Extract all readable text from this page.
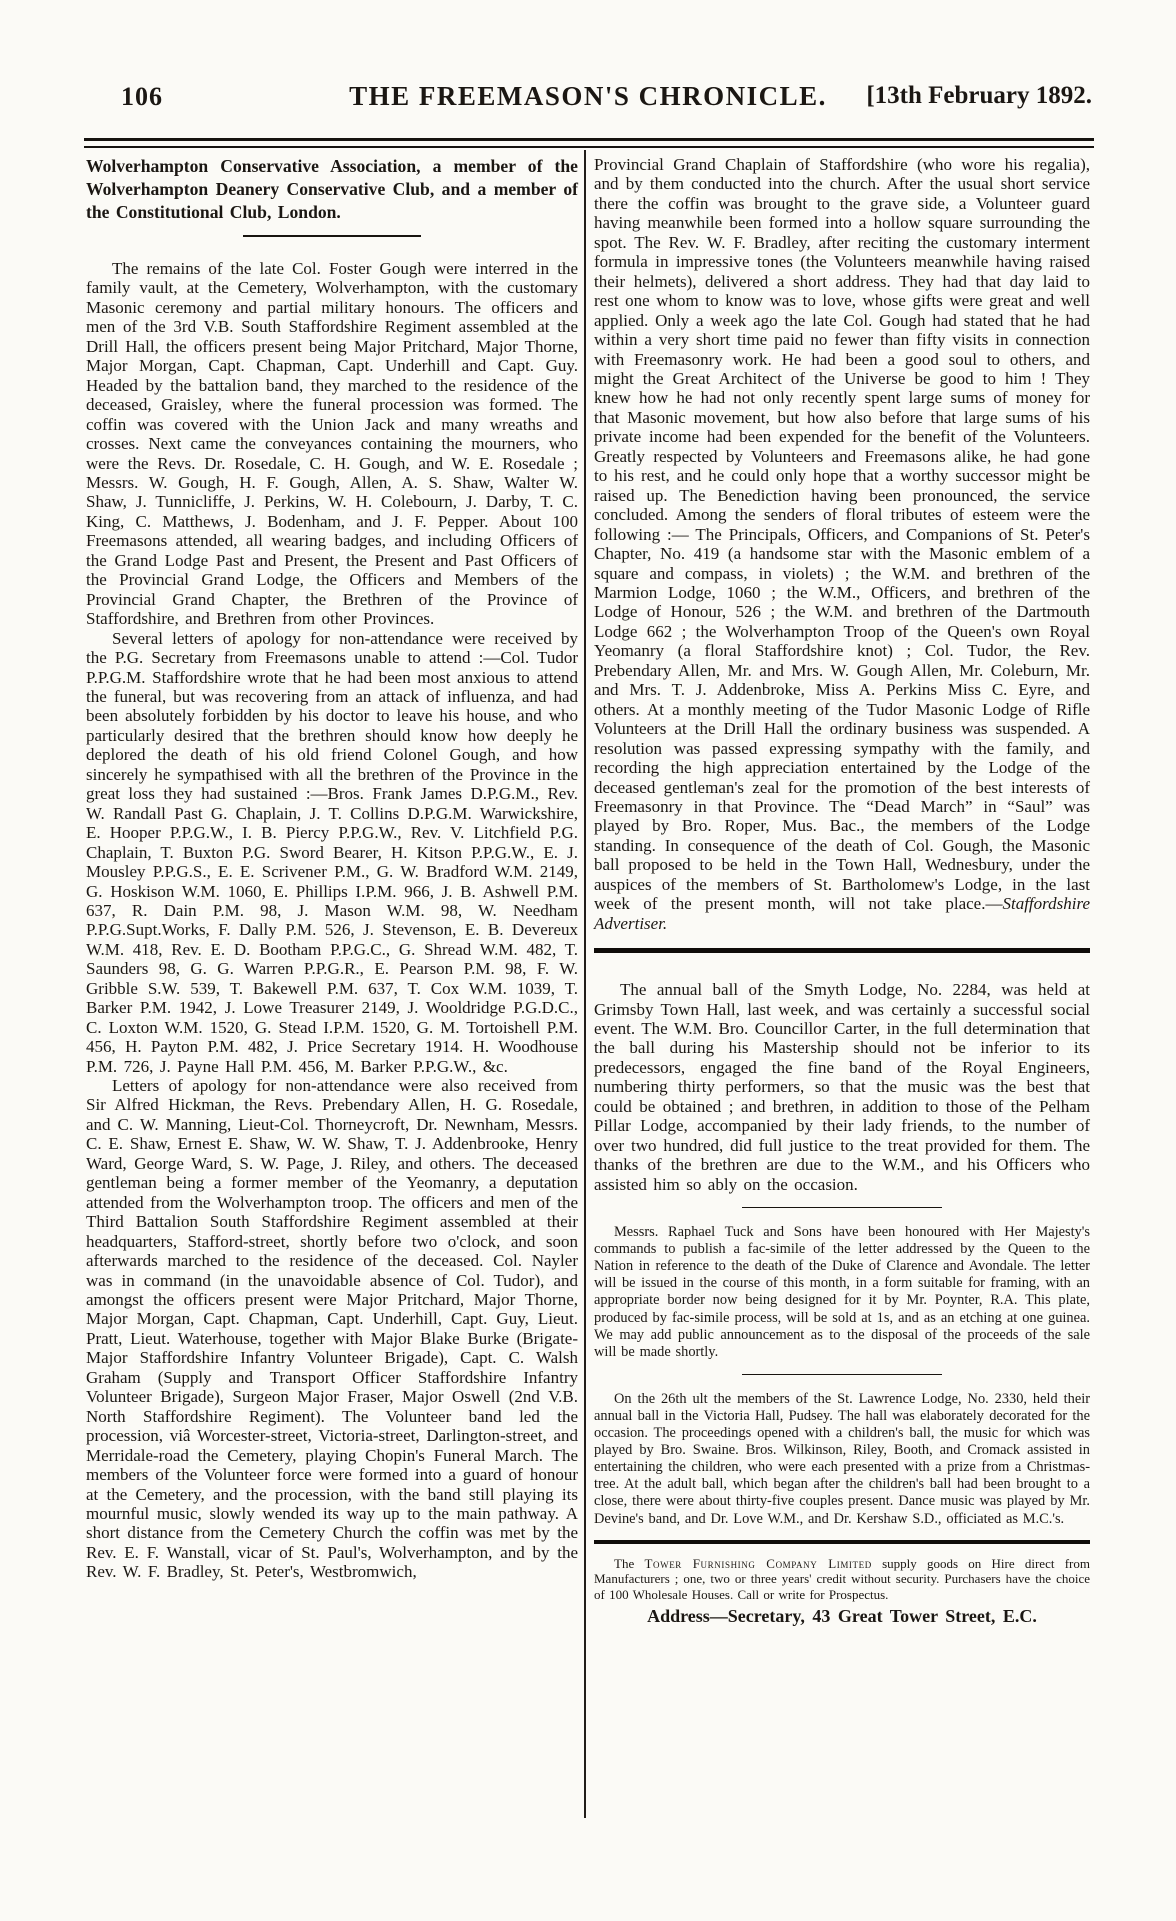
106	THE FREEMASON'S CHRONICLE. [13th February 1892.

Wolverhampton Conservative Association, a member of the Wolverhampton Deanery Conservative Club, and a member of the Constitutional Club, London.

The remains of the late Col. Foster Gough were interred in the family vault, at the Cemetery, Wolverhampton, with the customary Masonic ceremony and partial military honours. The officers and men of the 3rd V.B. South Staffordshire Regiment assembled at the Drill Hall, the officers present being Major Pritchard, Major Thorne, Major Morgan, Capt. Chapman, Capt. Underhill and Capt. Guy. Headed by the battalion band, they marched to the residence of the deceased, Graisley, where the funeral procession was formed. The coffin was covered with the Union Jack and many wreaths and crosses. Next came the conveyances containing the mourners, who were the Revs. Dr. Rosedale, C. H. Gough, and W. E. Rosedale ; Messrs. W. Gough, H. F. Gough, Allen, A. S. Shaw, Walter W. Shaw, J. Tunnicliffe, J. Perkins, W. H. Colebourn, J. Darby, T. C. King, C. Matthews, J. Bodenham, and J. F. Pepper. About 100 Freemasons attended, all wearing badges, and including Officers of the Grand Lodge Past and Present, the Present and Past Officers of the Provincial Grand Lodge, the Officers and Members of the Provincial Grand Chapter, the Brethren of the Province of Staffordshire, and Brethren from other Provinces.

Several letters of apology for non-attendance were received by the P.G. Secretary from Freemasons unable to attend :—Col. Tudor P.P.G.M. Staffordshire wrote that he had been most anxious to attend the funeral, but was recovering from an attack of influenza, and had been absolutely forbidden by his doctor to leave his house, and who particularly desired that the brethren should know how deeply he deplored the death of his old friend Colonel Gough, and how sincerely he sympathised with all the brethren of the Province in the great loss they had sustained :—Bros. Frank James D.P.G.M., Rev. W. Randall Past G. Chaplain, J. T. Collins D.P.G.M. Warwickshire, E. Hooper P.P.G.W., I. B. Piercy P.P.G.W., Rev. V. Litchfield P.G. Chaplain, T. Buxton P.G. Sword Bearer, H. Kitson P.P.G.W., E. J. Mousley P.P.G.S., E. E. Scrivener P.M., G. W. Bradford W.M. 2149, G. Hoskison W.M. 1060, E. Phillips I.P.M. 966, J. B. Ashwell P.M. 637, R. Dain P.M. 98, J. Mason W.M. 98, W. Needham P.P.G.Supt.Works, F. Dally P.M. 526, J. Stevenson, E. B. Devereux W.M. 418, Rev. E. D. Bootham P.P.G.C., G. Shread W.M. 482, T. Saunders 98, G. G. Warren P.P.G.R., E. Pearson P.M. 98, F. W. Gribble S.W. 539, T. Bakewell P.M. 637, T. Cox W.M. 1039, T. Barker P.M. 1942, J. Lowe Treasurer 2149, J. Wooldridge P.G.D.C., C. Loxton W.M. 1520, G. Stead I.P.M. 1520, G. M. Tortoishell P.M. 456, H. Payton P.M. 482, J. Price Secretary 1914. H. Woodhouse P.M. 726, J. Payne Hall P.M. 456, M. Barker P.P.G.W., &c.

Letters of apology for non-attendance were also received from Sir Alfred Hickman, the Revs. Prebendary Allen, H. G. Rosedale, and C. W. Manning, Lieut-Col. Thorneycroft, Dr. Newnham, Messrs. C. E. Shaw, Ernest E. Shaw, W. W. Shaw, T. J. Addenbrooke, Henry Ward, George Ward, S. W. Page, J. Riley, and others. The deceased gentleman being a former member of the Yeomanry, a deputation attended from the Wolverhampton troop. The officers and men of the Third Battalion South Staffordshire Regiment assembled at their headquarters, Stafford-street, shortly before two o'clock, and soon afterwards marched to the residence of the deceased. Col. Nayler was in command (in the unavoidable absence of Col. Tudor), and amongst the officers present were Major Pritchard, Major Thorne, Major Morgan, Capt. Chapman, Capt. Underhill, Capt. Guy, Lieut. Pratt, Lieut. Waterhouse, together with Major Blake Burke (Brigate-Major Staffordshire Infantry Volunteer Brigade), Capt. C. Walsh Graham (Supply and Transport Officer Staffordshire Infantry Volunteer Brigade), Surgeon Major Fraser, Major Oswell (2nd V.B. North Staffordshire Regiment). The Volunteer band led the procession, viâ Worcester-street, Victoria-street, Darlington-street, and Merridale-road the Cemetery, playing Chopin's Funeral March. The members of the Volunteer force were formed into a guard of honour at the Cemetery, and the procession, with the band still playing its mournful music, slowly wended its way up to the main pathway. A short distance from the Cemetery Church the coffin was met by the Rev. E. F. Wanstall, vicar of St. Paul's, Wolverhampton, and by the Rev. W. F. Bradley, St. Peter's, Westbromwich,

Provincial Grand Chaplain of Staffordshire (who wore his regalia), and by them conducted into the church. After the usual short service there the coffin was brought to the grave side, a Volunteer guard having meanwhile been formed into a hollow square surrounding the spot. The Rev. W. F. Bradley, after reciting the customary interment formula in impressive tones (the Volunteers meanwhile having raised their helmets), delivered a short address. They had that day laid to rest one whom to know was to love, whose gifts were great and well applied. Only a week ago the late Col. Gough had stated that he had within a very short time paid no fewer than fifty visits in connection with Freemasonry work. He had been a good soul to others, and might the Great Architect of the Universe be good to him ! They knew how he had not only recently spent large sums of money for that Masonic movement, but how also before that large sums of his private income had been expended for the benefit of the Volunteers. Greatly respected by Volunteers and Freemasons alike, he had gone to his rest, and he could only hope that a worthy successor might be raised up. The Benediction having been pronounced, the service concluded. Among the senders of floral tributes of esteem were the following :— The Principals, Officers, and Companions of St. Peter's Chapter, No. 419 (a handsome star with the Masonic emblem of a square and compass, in violets) ; the W.M. and brethren of the Marmion Lodge, 1060 ; the W.M., Officers, and brethren of the Lodge of Honour, 526 ; the W.M. and brethren of the Dartmouth Lodge 662 ; the Wolverhampton Troop of the Queen's own Royal Yeomanry (a floral Staffordshire knot) ; Col. Tudor, the Rev. Prebendary Allen, Mr. and Mrs. W. Gough Allen, Mr. Coleburn, Mr. and Mrs. T. J. Addenbroke, Miss A. Perkins Miss C. Eyre, and others. At a monthly meeting of the Tudor Masonic Lodge of Rifle Volunteers at the Drill Hall the ordinary business was suspended. A resolution was passed expressing sympathy with the family, and recording the high appreciation entertained by the Lodge of the deceased gentleman's zeal for the promotion of the best interests of Freemasonry in that Province. The “Dead March” in “Saul” was played by Bro. Roper, Mus. Bac., the members of the Lodge standing. In consequence of the death of Col. Gough, the Masonic ball proposed to be held in the Town Hall, Wednesbury, under the auspices of the members of St. Bartholomew's Lodge, in the last week of the present month, will not take place.—Staffordshire Advertiser.

The annual ball of the Smyth Lodge, No. 2284, was held at Grimsby Town Hall, last week, and was certainly a successful social event. The W.M. Bro. Councillor Carter, in the full determination that the ball during his Mastership should not be inferior to its predecessors, engaged the fine band of the Royal Engineers, numbering thirty performers, so that the music was the best that could be obtained ; and brethren, in addition to those of the Pelham Pillar Lodge, accompanied by their lady friends, to the number of over two hundred, did full justice to the treat provided for them. The thanks of the brethren are due to the W.M., and his Officers who assisted him so ably on the occasion.

Messrs. Raphael Tuck and Sons have been honoured with Her Majesty's commands to publish a fac-simile of the letter addressed by the Queen to the Nation in reference to the death of the Duke of Clarence and Avondale. The letter will be issued in the course of this month, in a form suitable for framing, with an appropriate border now being designed for it by Mr. Poynter, R.A. This plate, produced by fac-simile process, will be sold at 1s, and as an etching at one guinea. We may add public announcement as to the disposal of the proceeds of the sale will be made shortly.

On the 26th ult the members of the St. Lawrence Lodge, No. 2330, held their annual ball in the Victoria Hall, Pudsey. The hall was elaborately decorated for the occasion. The proceedings opened with a children's ball, the music for which was played by Bro. Swaine. Bros. Wilkinson, Riley, Booth, and Cromack assisted in entertaining the children, who were each presented with a prize from a Christmas-tree. At the adult ball, which began after the children's ball had been brought to a close, there were about thirty-five couples present. Dance music was played by Mr. Devine's band, and Dr. Love W.M., and Dr. Kershaw S.D., officiated as M.C.'s.

The Tower Furnishing Company Limited supply goods on Hire direct from Manufacturers ; one, two or three years' credit without security. Purchasers have the choice of 100 Wholesale Houses. Call or write for Prospectus.

Address—Secretary, 43 Great Tower Street, E.C.
